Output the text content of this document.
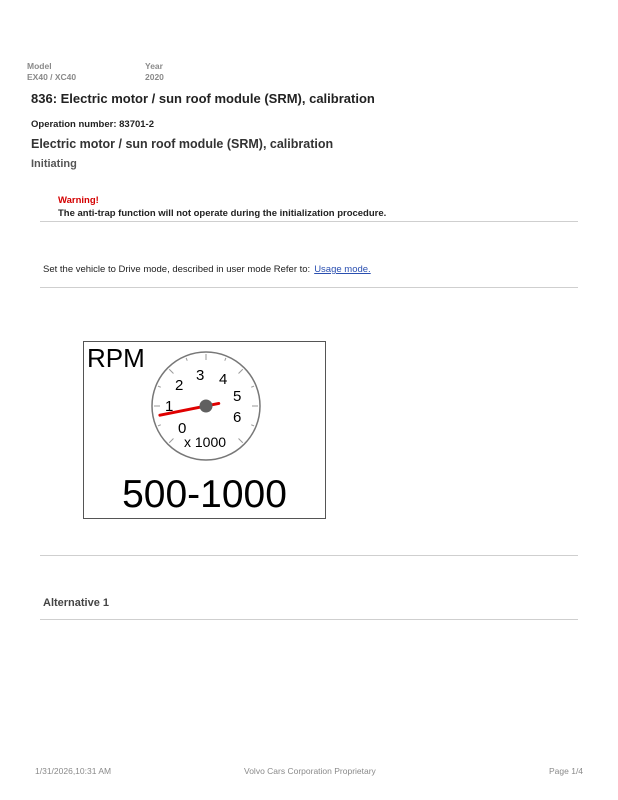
Model
EX40 / XC40
Year
2020
836: Electric motor / sun roof module (SRM), calibration
Operation number: 83701-2
Electric motor / sun roof module (SRM), calibration
Initiating
Warning!
The anti-trap function will not operate during the initialization procedure.
Set the vehicle to Drive mode, described in user mode Refer to: Usage mode.
RPM
0
1
2
3 4
5
6
x 1000
500-1000
Alternative 1
1/31/2026,10:31 AM	Volvo Cars Corporation Proprietary	Page 1/4
